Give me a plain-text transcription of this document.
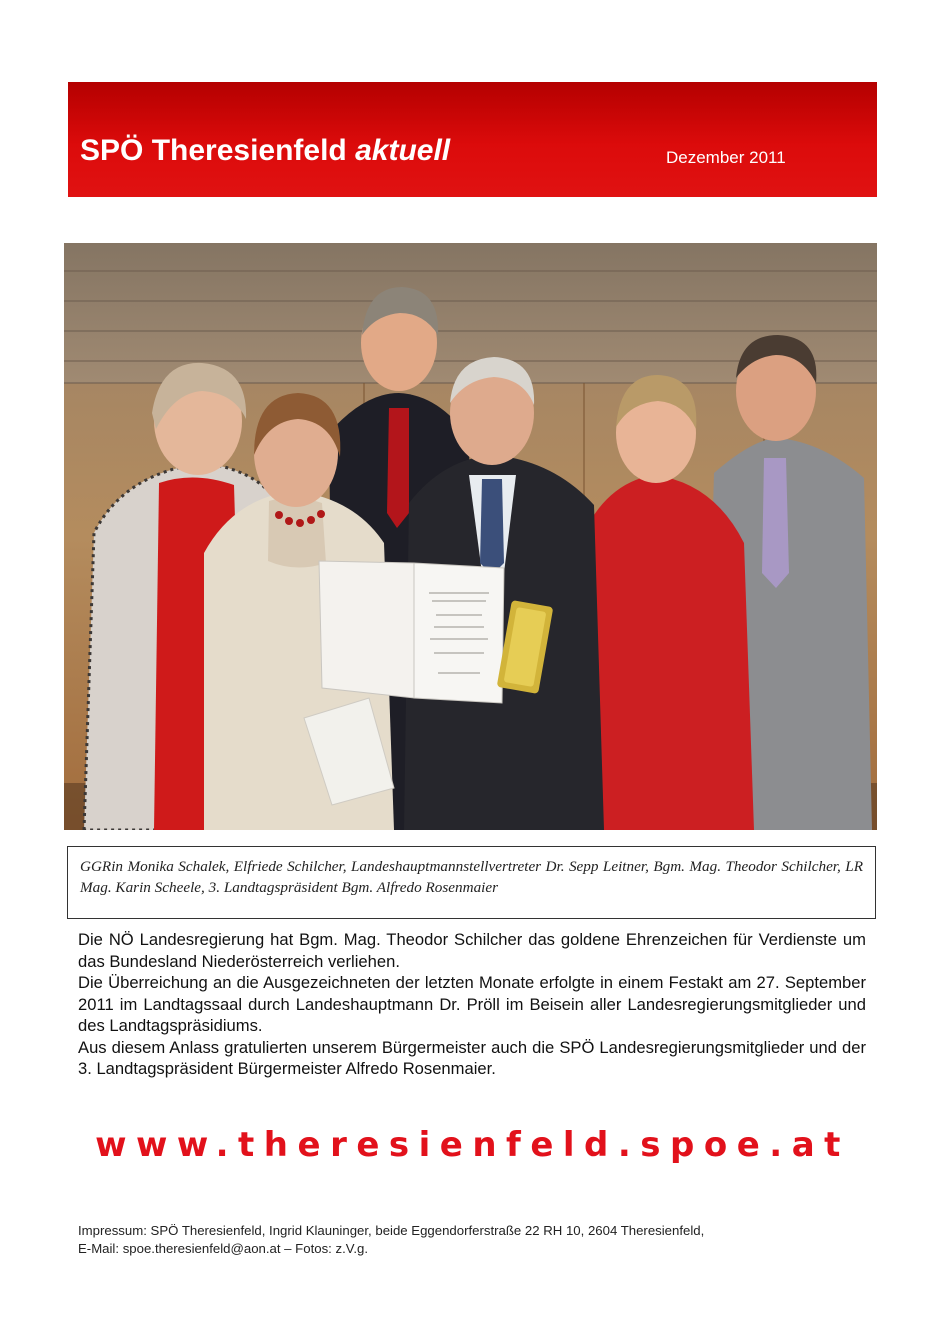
SPÖ Theresienfeld aktuell	Dezember 2011
GGRin Monika Schalek, Elfriede Schilcher, Landeshauptmannstellvertreter Dr. Sepp Leitner, Bgm. Mag. Theodor Schilcher, LR Mag. Karin Scheele, 3. Landtagspräsident Bgm. Alfredo Rosenmaier

Die NÖ Landesregierung hat Bgm. Mag. Theodor Schilcher das goldene Ehrenzeichen für Verdienste um das Bundesland Niederösterreich verliehen.

Die Überreichung an die Ausgezeichneten der letzten Monate erfolgte in einem Festakt am 27. September 2011 im Landtagssaal durch Landeshauptmann Dr. Pröll im Beisein aller Landesregierungsmitglieder und des Landtagspräsidiums.

Aus diesem Anlass gratulierten unserem Bürgermeister auch die SPÖ Landesregierungsmitglieder und der 3. Landtagspräsident Bürgermeister Alfredo Rosenmaier.

www.theresienfeld.spoe.at
Impressum: SPÖ Theresienfeld, Ingrid Klauninger, beide Eggendorferstraße 22 RH 10, 2604 Theresienfeld,
E-Mail: spoe.theresienfeld@aon.at – Fotos: z.V.g.
